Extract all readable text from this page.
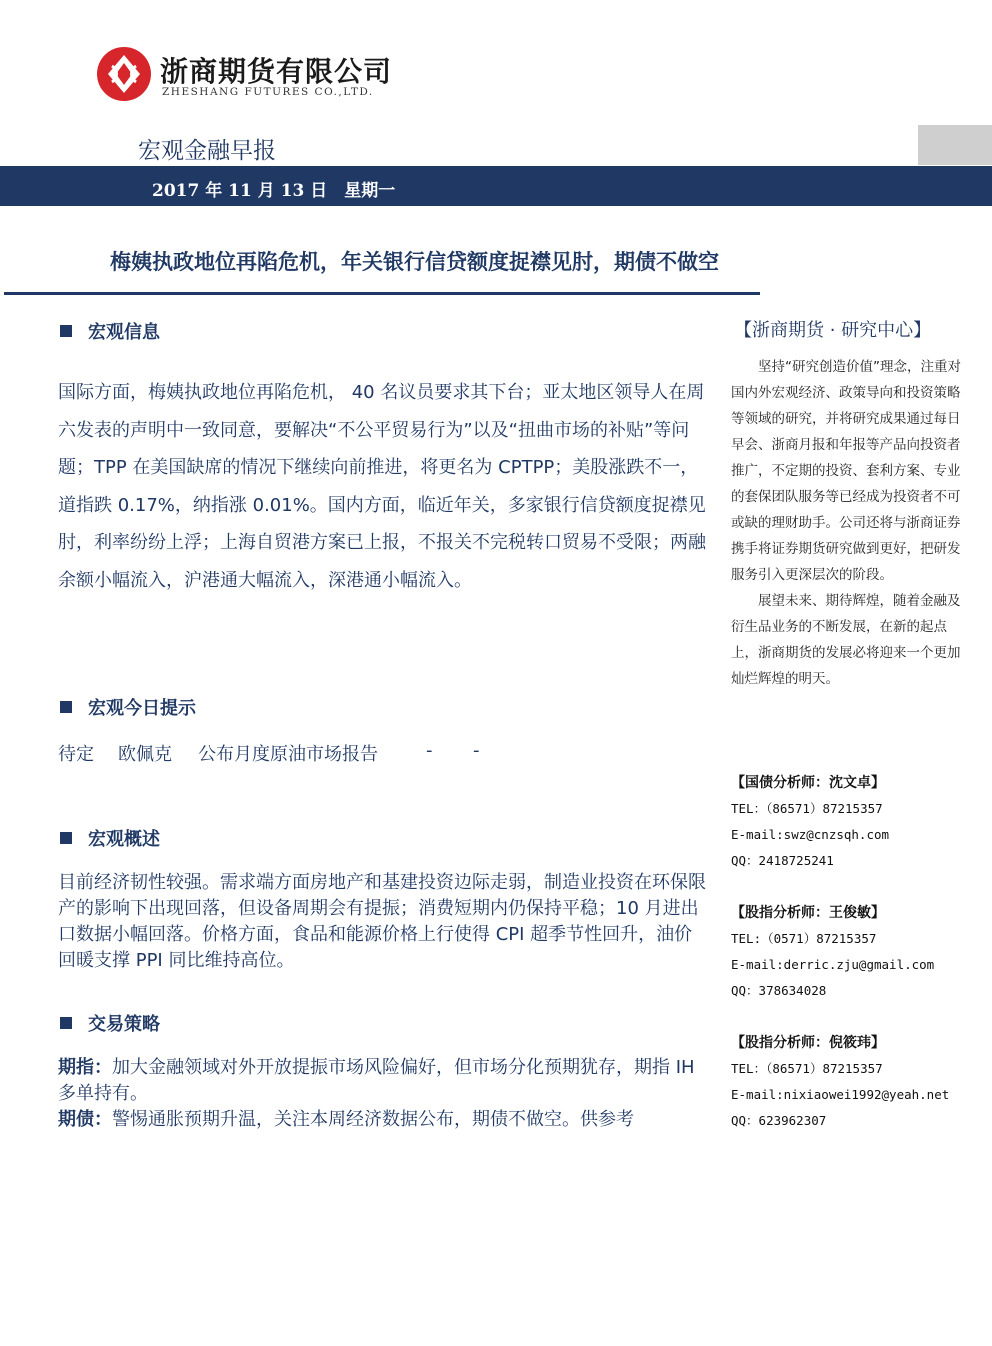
浙商期货有限公司
ZHESHANG FUTURES CO.,LTD.
宏观金融早报
2017 年 11 月 13 日　星期一
梅姨执政地位再陷危机，年关银行信贷额度捉襟见肘，期债不做空
宏观信息
国际方面，梅姨执政地位再陷危机， 40 名议员要求其下台；亚太地区领导人在周六发表的声明中一致同意，要解决“不公平贸易行为”以及“扭曲市场的补贴”等问题；TPP 在美国缺席的情况下继续向前推进，将更名为 CPTPP；美股涨跌不一，道指跌 0.17%，纳指涨 0.01%。国内方面，临近年关，多家银行信贷额度捉襟见肘，利率纷纷上浮；上海自贸港方案已上报，不报关不完税转口贸易不受限；两融余额小幅流入，沪港通大幅流入，深港通小幅流入。
宏观今日提示
待定 欧佩克 公布月度原油市场报告	- -
宏观概述
目前经济韧性较强。需求端方面房地产和基建投资边际走弱，制造业投资在环保限产的影响下出现回落，但设备周期会有提振；消费短期内仍保持平稳；10 月进出口数据小幅回落。价格方面，食品和能源价格上行使得 CPI 超季节性回升，油价回暖支撑 PPI 同比维持高位。
交易策略
期指：加大金融领域对外开放提振市场风险偏好，但市场分化预期犹存，期指 IH 多单持有。
期债：警惕通胀预期升温，关注本周经济数据公布，期债不做空。供参考
【浙商期货 · 研究中心】

坚持“研究创造价值”理念，注重对国内外宏观经济、政策导向和投资策略等领域的研究，并将研究成果通过每日早会、浙商月报和年报等产品向投资者推广，不定期的投资、套利方案、专业的套保团队服务等已经成为投资者不可或缺的理财助手。公司还将与浙商证券携手将证券期货研究做到更好，把研发服务引入更深层次的阶段。

展望未来、期待辉煌，随着金融及衍生品业务的不断发展，在新的起点上，浙商期货的发展必将迎来一个更加灿烂辉煌的明天。

【国债分析师：沈文卓】
TEL：（86571）87215357
E-mail:swz@cnzsqh.com
QQ：2418725241
【股指分析师：王俊敏】
TEL:（0571）87215357
E-mail:derric.zju@gmail.com
QQ：378634028
【股指分析师：倪筱玮】
TEL：（86571）87215357
E-mail:nixiaowei1992@yeah.net
QQ：623962307
